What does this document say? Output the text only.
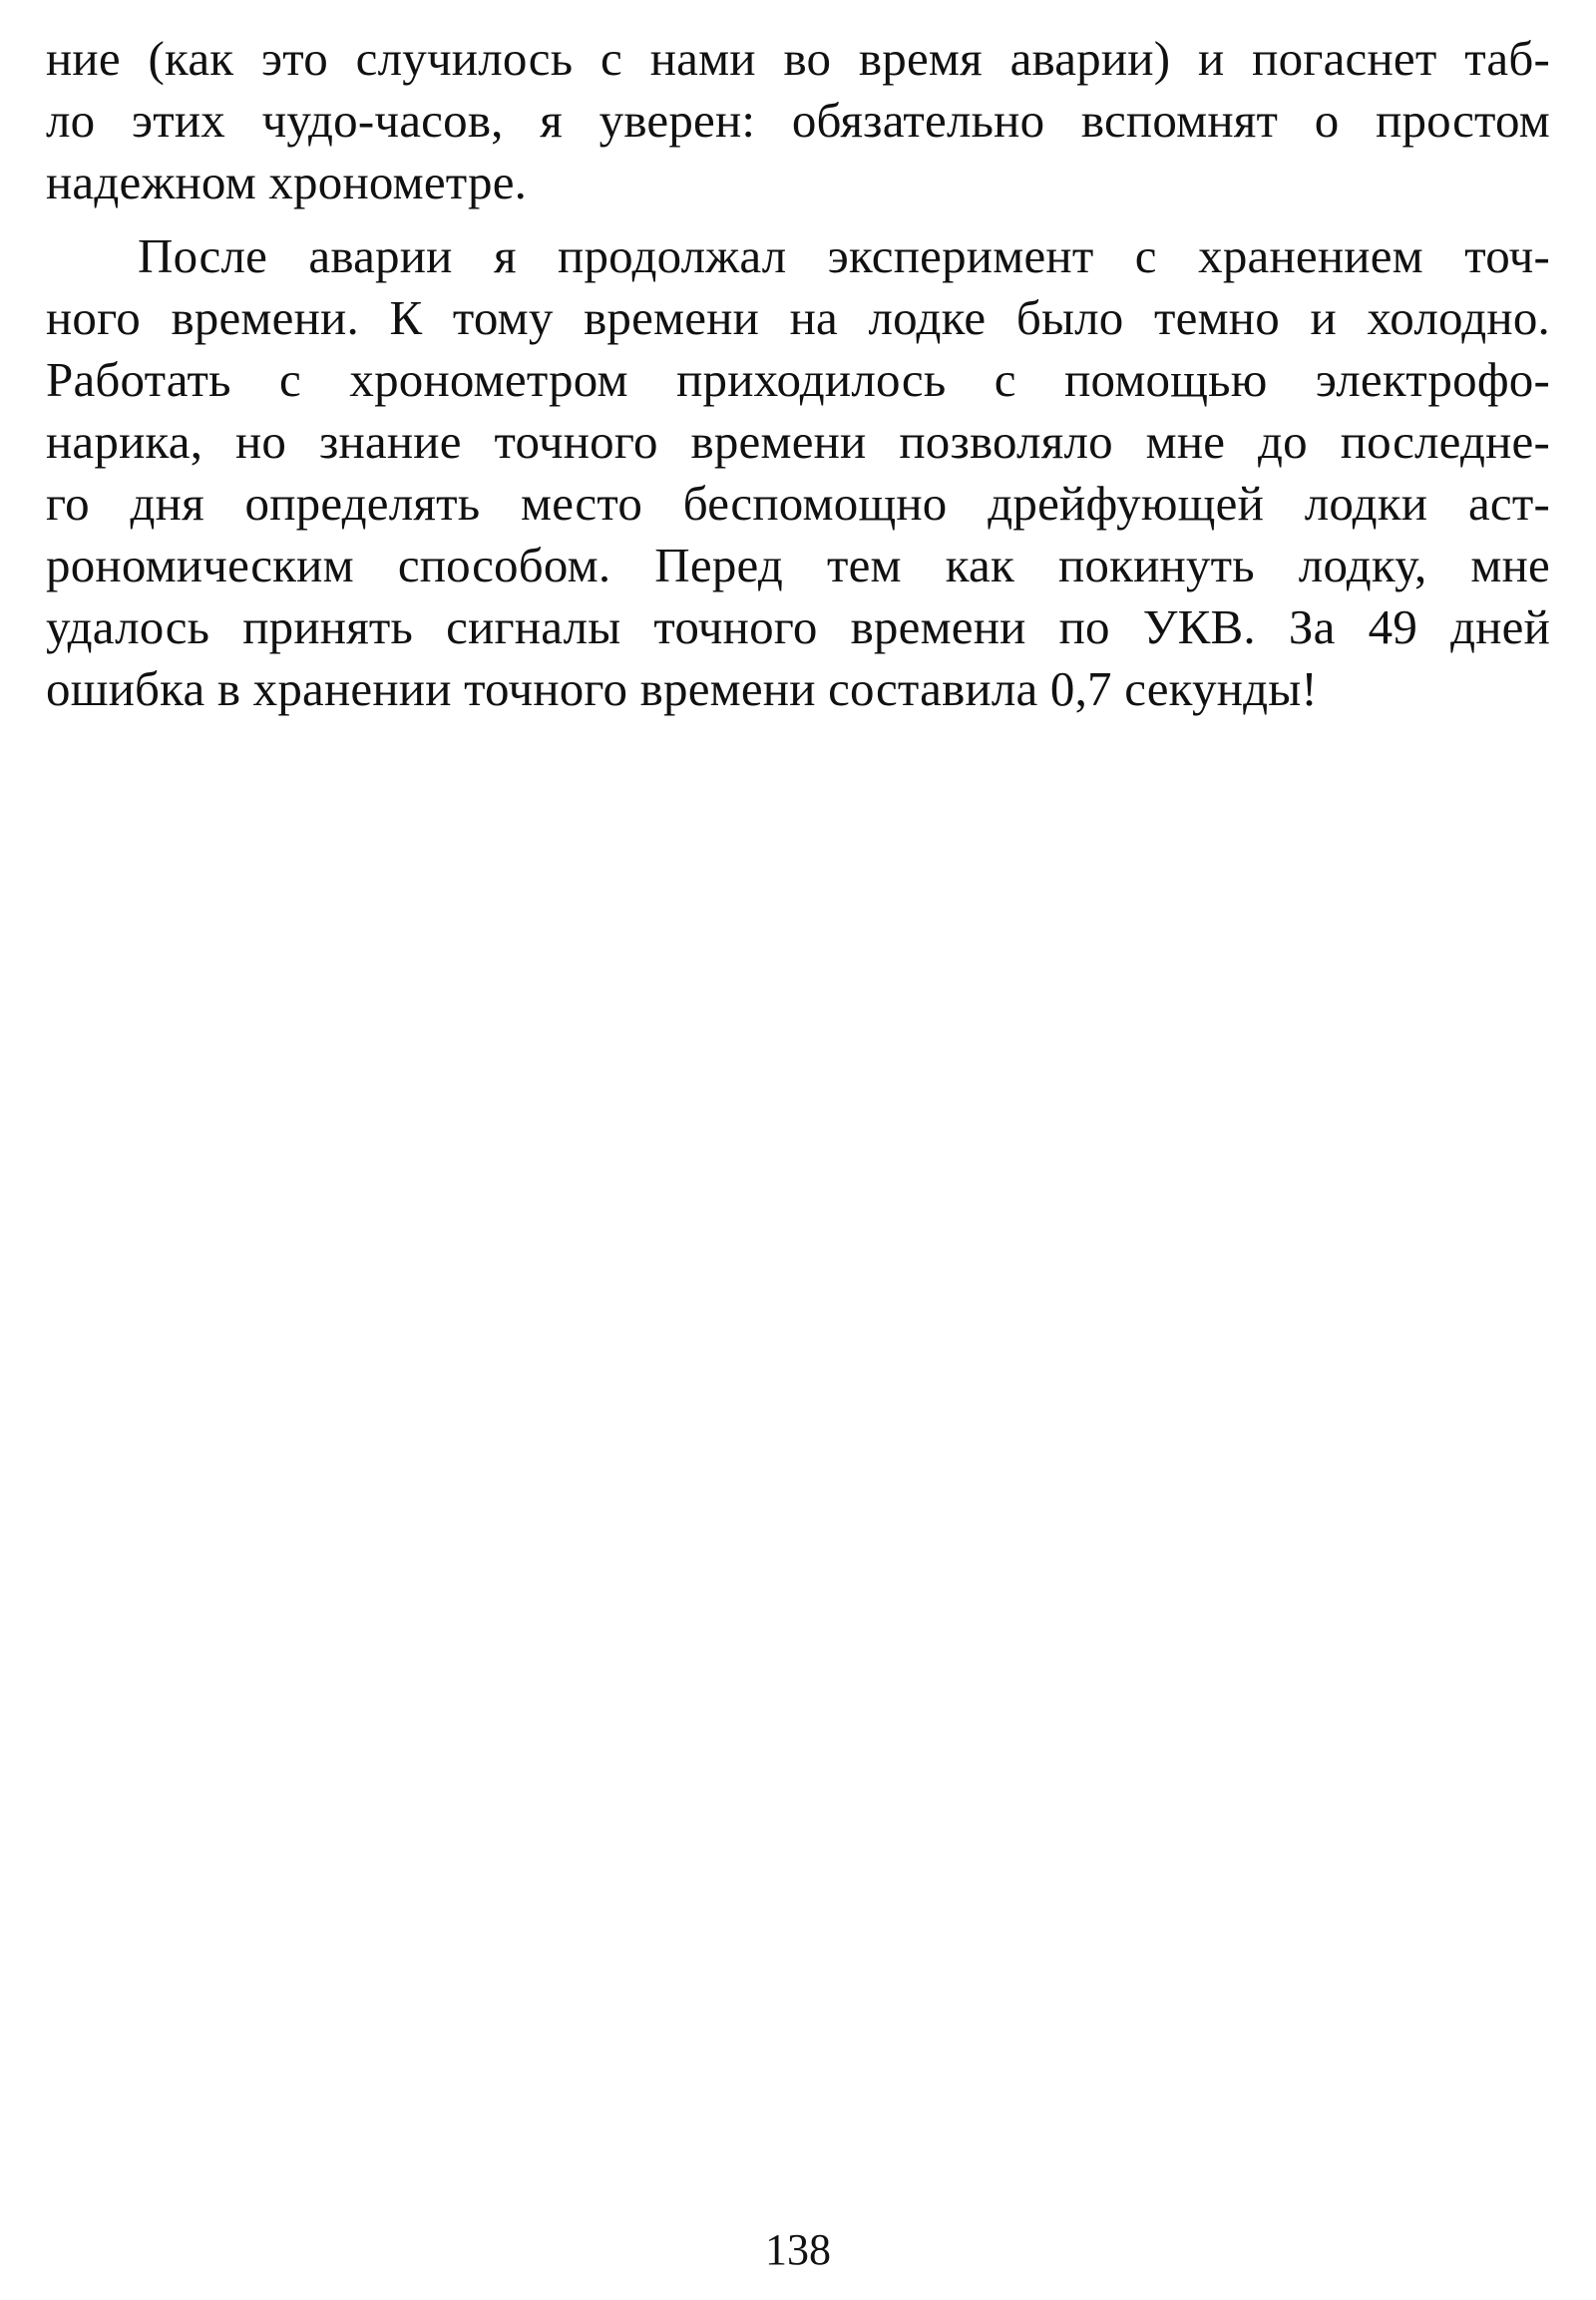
ние (как это случилось с нами во время аварии) и погаснет таб-
ло этих чудо-часов, я уверен: обязательно вспомнят о простом
надежном хронометре.
После аварии я продолжал эксперимент с хранением точ-
ного времени. К тому времени на лодке было темно и холодно.
Работать с хронометром приходилось с помощью электрофо-
нарика, но знание точного времени позволяло мне до последне-
го дня определять место беспомощно дрейфующей лодки аст-
рономическим способом. Перед тем как покинуть лодку, мне
удалось принять сигналы точного времени по УКВ. За 49 дней
ошибка в хранении точного времени составила 0,7 секунды!
138
